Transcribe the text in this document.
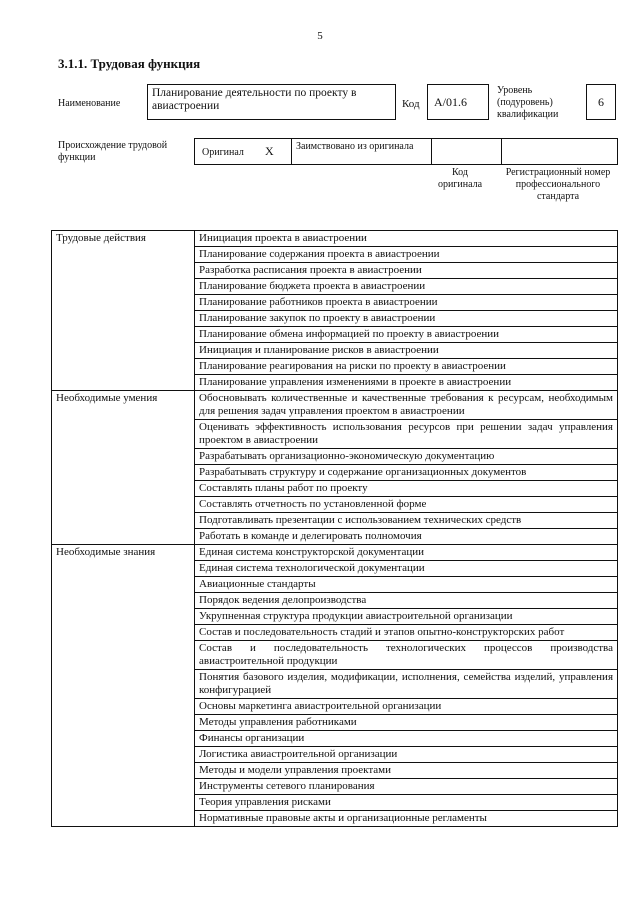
5
3.1.1. Трудовая функция
Наименование
Планирование деятельности по проекту в авиастроении	Код	A/01.6
Уровень (подуровень) квалификации
6
Происхождение трудовой функции	Оригинал X	Заимствовано из оригинала
Код оригинала
Регистрационный номер профессионального стандарта
Трудовые действия	Инициация проекта в авиастроении
	Планирование содержания проекта в авиастроении
	Разработка расписания проекта в авиастроении
	Планирование бюджета проекта в авиастроении
	Планирование работников проекта в авиастроении
	Планирование закупок по проекту в авиастроении
	Планирование обмена информацией по проекту в авиастроении
	Инициация и планирование рисков в авиастроении
	Планирование реагирования на риски по проекту в авиастроении
	Планирование управления изменениями в проекте в авиастроении
Необходимые умения	Обосновывать количественные и качественные требования к ресурсам, необходимым для решения задач управления проектом в авиастроении
	Оценивать эффективность использования ресурсов при решении задач управления проектом в авиастроении
	Разрабатывать организационно-экономическую документацию
	Разрабатывать структуру и содержание организационных документов
	Составлять планы работ по проекту
	Составлять отчетность по установленной форме
	Подготавливать презентации с использованием технических средств
	Работать в команде и делегировать полномочия
Необходимые знания	Единая система конструкторской документации
	Единая система технологической документации
	Авиационные стандарты
	Порядок ведения делопроизводства
	Укрупненная структура продукции авиастроительной организации
	Состав и последовательность стадий и этапов опытно-конструкторских работ
	Состав и последовательность технологических процессов производства авиастроительной продукции
	Понятия базового изделия, модификации, исполнения, семейства изделий, управления конфигурацией
	Основы маркетинга авиастроительной организации
	Методы управления работниками
	Финансы организации
	Логистика авиастроительной организации
	Методы и модели управления проектами
	Инструменты сетевого планирования
	Теория управления рисками
	Нормативные правовые акты и организационные регламенты
